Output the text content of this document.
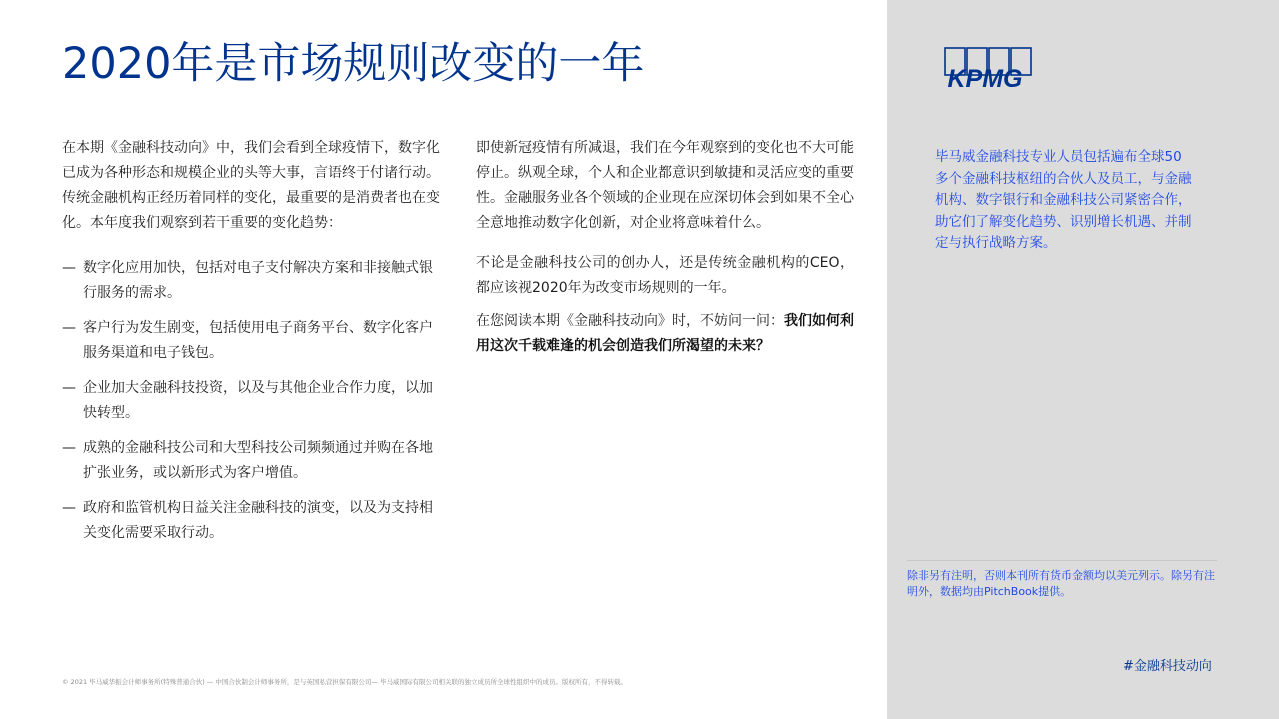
2020年是市场规则改变的一年

在本期《金融科技动向》中，我们会看到全球疫情下，数字化已成为各种形态和规模企业的头等大事，言语终于付诸行动。传统金融机构正经历着同样的变化，最重要的是消费者也在变化。本年度我们观察到若干重要的变化趋势：

— 数字化应用加快，包括对电子支付解决方案和非接触式银行服务的需求。
— 客户行为发生剧变，包括使用电子商务平台、数字化客户服务渠道和电子钱包。
— 企业加大金融科技投资，以及与其他企业合作力度，以加快转型。
— 成熟的金融科技公司和大型科技公司频频通过并购在各地扩张业务，或以新形式为客户增值。
— 政府和监管机构日益关注金融科技的演变，以及为支持相关变化需要采取行动。

即使新冠疫情有所减退，我们在今年观察到的变化也不大可能停止。纵观全球，个人和企业都意识到敏捷和灵活应变的重要性。金融服务业各个领域的企业现在应深切体会到如果不全心全意地推动数字化创新，对企业将意味着什么。

不论是金融科技公司的创办人，还是传统金融机构的CEO，都应该视2020年为改变市场规则的一年。

在您阅读本期《金融科技动向》时，不妨问一问：我们如何利用这次千载难逢的机会创造我们所渴望的未来？

KPMG

毕马威金融科技专业人员包括遍布全球50多个金融科技枢纽的合伙人及员工，与金融机构、数字银行和金融科技公司紧密合作，助它们了解变化趋势、识别增长机遇、并制定与执行战略方案。

除非另有注明，否则本刊所有货币金额均以美元列示。除另有注明外，数据均由PitchBook提供。

#金融科技动向
© 2021 毕马威华振会计师事务所(特殊普通合伙) — 中国合伙制会计师事务所，是与英国私营担保有限公司— 毕马威国际有限公司相关联的独立成员所全球性组织中的成员。版权所有，不得转载。
